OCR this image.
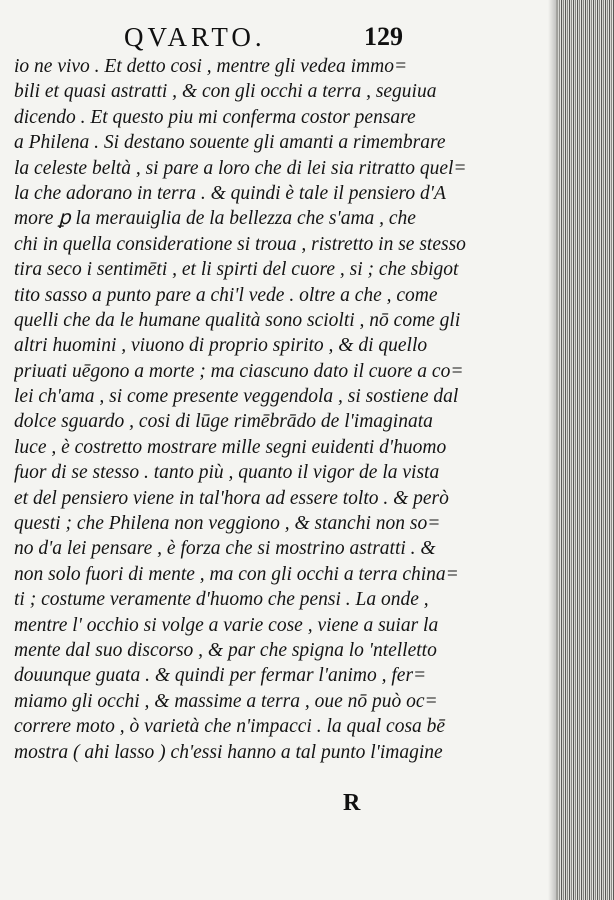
QVARTO.	129
io ne vivo . Et detto cosi , mentre gli vedea immo=
bili et quasi astratti , & con gli occhi a terra , seguiua
dicendo . Et questo piu mi conferma costor pensare
a Philena . Si destano souente gli amanti a rimembrare
la celeste beltà , si pare a loro che di lei sia ritratto quel=
la che adorano in terra . & quindi è tale il pensiero d'A
more ꝑ la merauiglia de la bellezza che s'ama , che
chi in quella consideratione si troua , ristretto in se stesso
tira seco i sentimēti , et li spirti del cuore , si ; che sbigot
tito sasso a punto pare a chi'l vede . oltre a che , come
quelli che da le humane qualità sono sciolti , nō come gli
altri huomini , viuono di proprio spirito , & di quello
priuati uēgono a morte ; ma ciascuno dato il cuore a co=
lei ch'ama , si come presente veggendola , si sostiene dal
dolce sguardo , cosi di lūge rimēbrādo de l'imaginata
luce , è costretto mostrare mille segni euidenti d'huomo
fuor di se stesso . tanto più , quanto il vigor de la vista
et del pensiero viene in tal'hora ad essere tolto . & però
questi ; che Philena non veggiono , & stanchi non so=
no d'a lei pensare , è forza che si mostrino astratti . &
non solo fuori di mente , ma con gli occhi a terra china=
ti ; costume veramente d'huomo che pensi . La onde ,
mentre l' occhio si volge a varie cose , viene a suiar la
mente dal suo discorso , & par che spigna lo 'ntelletto
douunque guata . & quindi per fermar l'animo , fer=
miamo gli occhi , & massime a terra , oue nō può oc=
correre moto , ò varietà che n'impacci . la qual cosa bē
mostra ( ahi lasso ) ch'essi hanno a tal punto l'imagine
R
